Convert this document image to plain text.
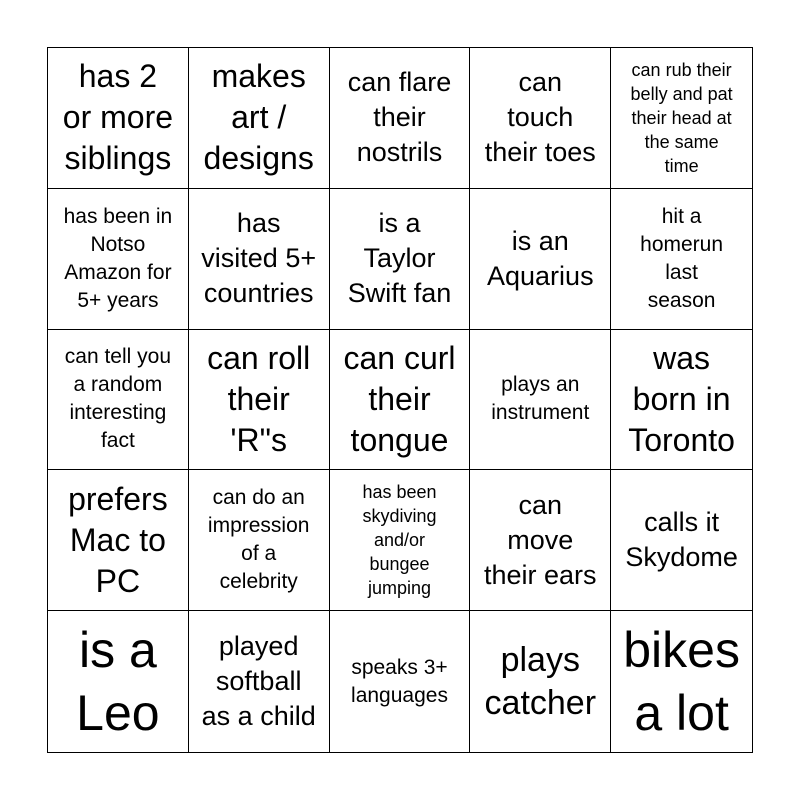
has 2
or more
siblings
makes
art /
designs
can flare
their
nostrils
can
touch
their toes
can rub their
belly and pat
their head at
the same
time
has been in
Notso
Amazon for
5+ years
has
visited 5+
countries
is a
Taylor
Swift fan
is an
Aquarius
hit a
homerun
last
season
can tell you
a random
interesting
fact
can roll
their
'R"s
can curl
their
tongue
plays an
instrument
was
born in
Toronto
prefers
Mac to
PC
can do an
impression
of a
celebrity
has been
skydiving
and/or
bungee
jumping
can
move
their ears
calls it
Skydome
is a
Leo
played
softball
as a child
speaks 3+
languages
plays
catcher
bikes
a lot
